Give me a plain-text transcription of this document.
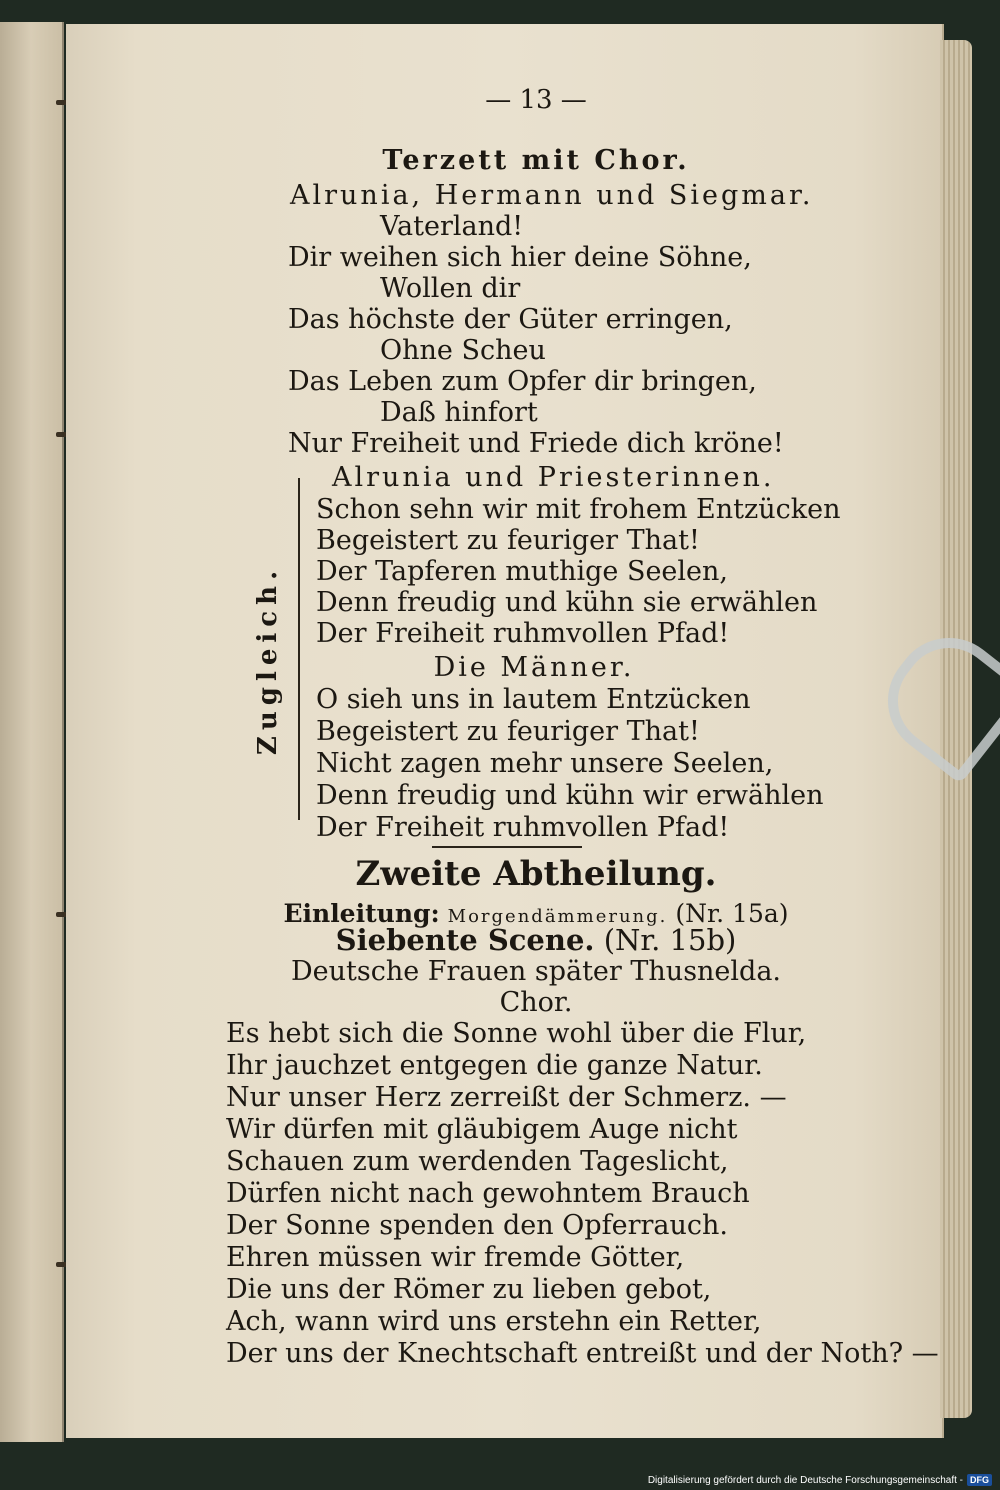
— 13 —
Terzett mit Chor.
Alrunia, Hermann und Siegmar.
Vaterland!
Dir weihen sich hier deine Söhne,
Wollen dir
Das höchste der Güter erringen,
Ohne Scheu
Das Leben zum Opfer dir bringen,
Daß hinfort
Nur Freiheit und Friede dich kröne!
Zugleich.
Alrunia und Priesterinnen.
Schon sehn wir mit frohem Entzücken
Begeistert zu feuriger That!
Der Tapferen muthige Seelen,
Denn freudig und kühn sie erwählen
Der Freiheit ruhmvollen Pfad!
Die Männer.
O sieh uns in lautem Entzücken
Begeistert zu feuriger That!
Nicht zagen mehr unsere Seelen,
Denn freudig und kühn wir erwählen
Der Freiheit ruhmvollen Pfad!
Zweite Abtheilung.
Einleitung: Morgendämmerung. (Nr. 15a)
Siebente Scene. (Nr. 15b)
Deutsche Frauen später Thusnelda.
Chor.
Es hebt sich die Sonne wohl über die Flur,
Ihr jauchzet entgegen die ganze Natur.
Nur unser Herz zerreißt der Schmerz. —
Wir dürfen mit gläubigem Auge nicht
Schauen zum werdenden Tageslicht,
Dürfen nicht nach gewohntem Brauch
Der Sonne spenden den Opferrauch.
Ehren müssen wir fremde Götter,
Die uns der Römer zu lieben gebot,
Ach, wann wird uns erstehn ein Retter,
Der uns der Knechtschaft entreißt und der Noth? —
Digitalisierung gefördert durch die Deutsche Forschungsgemeinschaft - DFG
